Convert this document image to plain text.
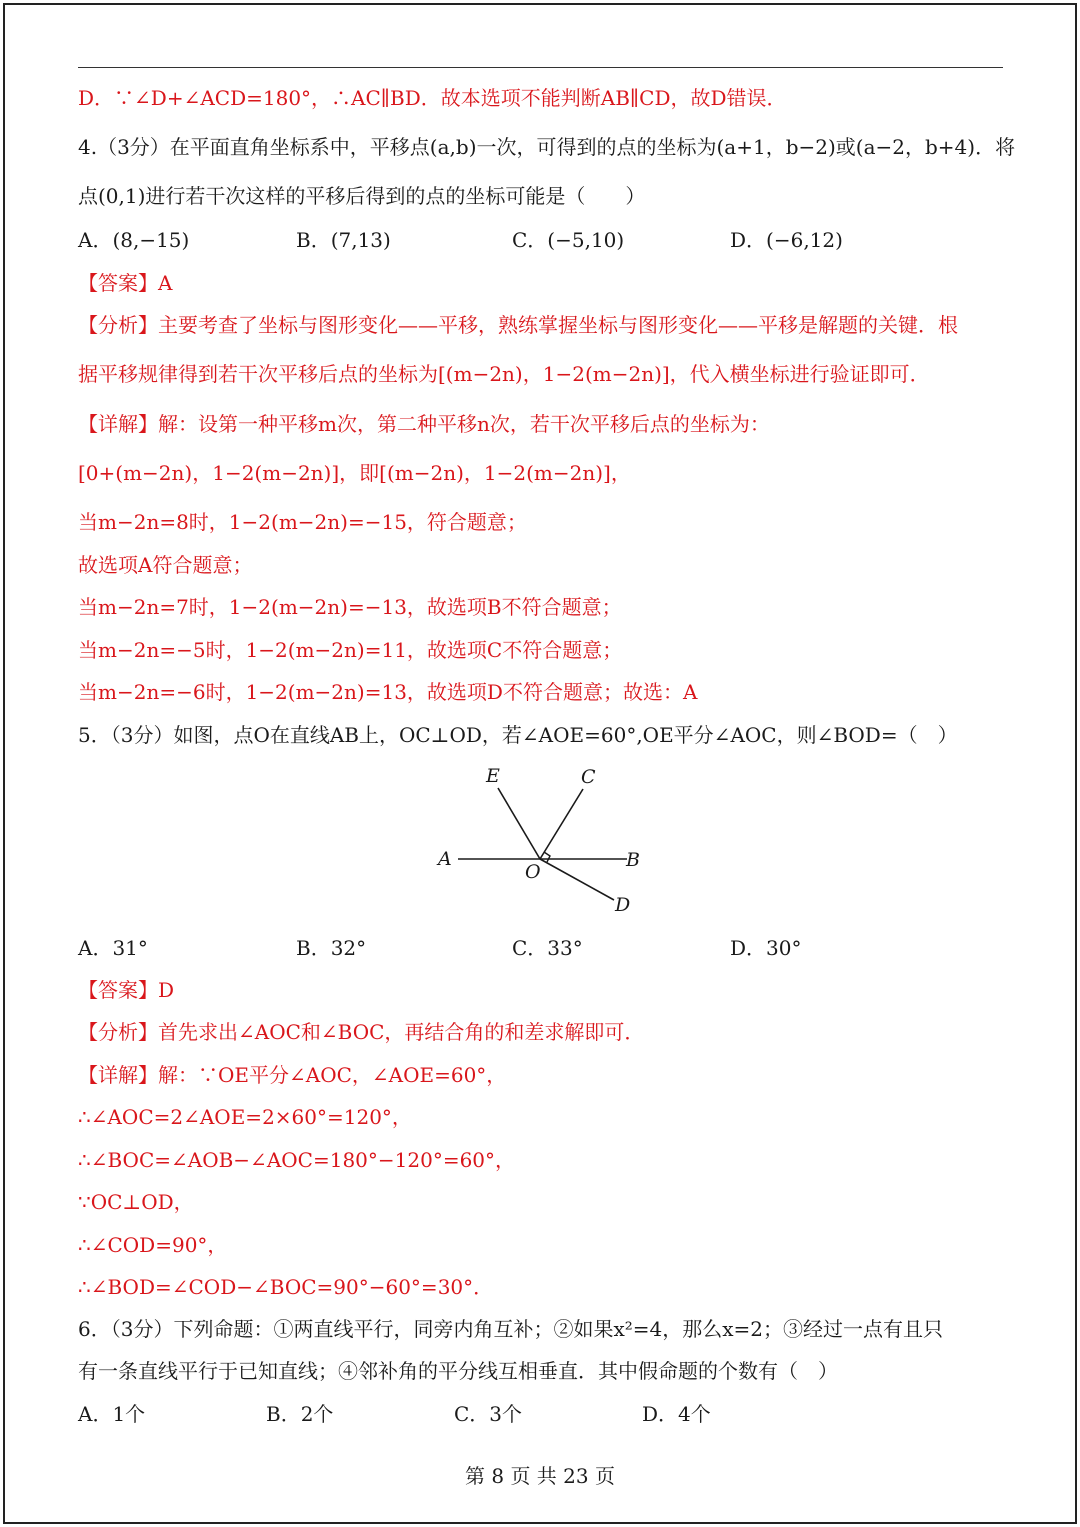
D．∵∠D+∠ACD=180°，∴AC∥BD．故本选项不能判断AB∥CD，故D错误．
4.（3分）在平面直角坐标系中，平移点(a,b)一次，可得到的点的坐标为(a+1，b−2)或(a−2，b+4)．将
点(0,1)进行若干次这样的平移后得到的点的坐标可能是（　　）
A．(8,−15)	B．(7,13)	C．(−5,10)	D．(−6,12)
【答案】A
【分析】主要考查了坐标与图形变化——平移，熟练掌握坐标与图形变化——平移是解题的关键．根
据平移规律得到若干次平移后点的坐标为[(m−2n)，1−2(m−2n)]，代入横坐标进行验证即可．
【详解】解：设第一种平移m次，第二种平移n次，若干次平移后点的坐标为：
[0+(m−2n)，1−2(m−2n)]，即[(m−2n)，1−2(m−2n)]，
当m−2n=8时，1−2(m−2n)=−15，符合题意；
故选项A符合题意；
当m−2n=7时，1−2(m−2n)=−13，故选项B不符合题意；
当m−2n=−5时，1−2(m−2n)=11，故选项C不符合题意；
当m−2n=−6时，1−2(m−2n)=13，故选项D不符合题意；故选：A
5．（3分）如图，点O在直线AB上，OC⊥OD，若∠AOE=60°,OE平分∠AOC，则∠BOD=（　）
A	B
C
D
E
O
A．31°	B．32°	C．33°	D．30°
【答案】D
【分析】首先求出∠AOC和∠BOC，再结合角的和差求解即可．
【详解】解：∵OE平分∠AOC，∠AOE=60°，
∴∠AOC=2∠AOE=2×60°=120°，
∴∠BOC=∠AOB−∠AOC=180°−120°=60°，
∵OC⊥OD，
∴∠COD=90°，
∴∠BOD=∠COD−∠BOC=90°−60°=30°．
6．（3分）下列命题：①两直线平行，同旁内角互补；②如果x²=4，那么x=2；③经过一点有且只
有一条直线平行于已知直线；④邻补角的平分线互相垂直．其中假命题的个数有（　）
A．1个	B．2个	C．3个	D．4个
第 8 页 共 23 页
